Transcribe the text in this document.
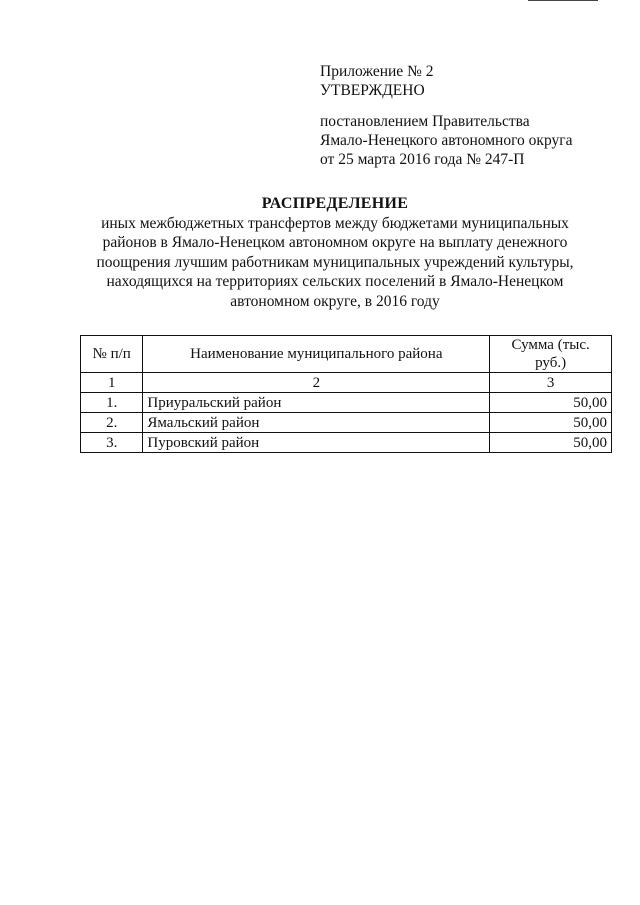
Приложение № 2
УТВЕРЖДЕНО
постановлением Правительства
Ямало-Ненецкого автономного округа
от 25 марта 2016 года № 247-П
РАСПРЕДЕЛЕНИЕ
иных межбюджетных трансфертов между бюджетами муниципальных
районов в Ямало-Ненецком автономном округе на выплату денежного
поощрения лучшим работникам муниципальных учреждений культуры,
находящихся на территориях сельских поселений в Ямало-Ненецком
автономном округе, в 2016 году
№ п/п	Наименование муниципального района	Сумма (тыс. руб.)
1	2	3
1.	Приуральский район	50,00
2.	Ямальский район	50,00
3.	Пуровский район	50,00
